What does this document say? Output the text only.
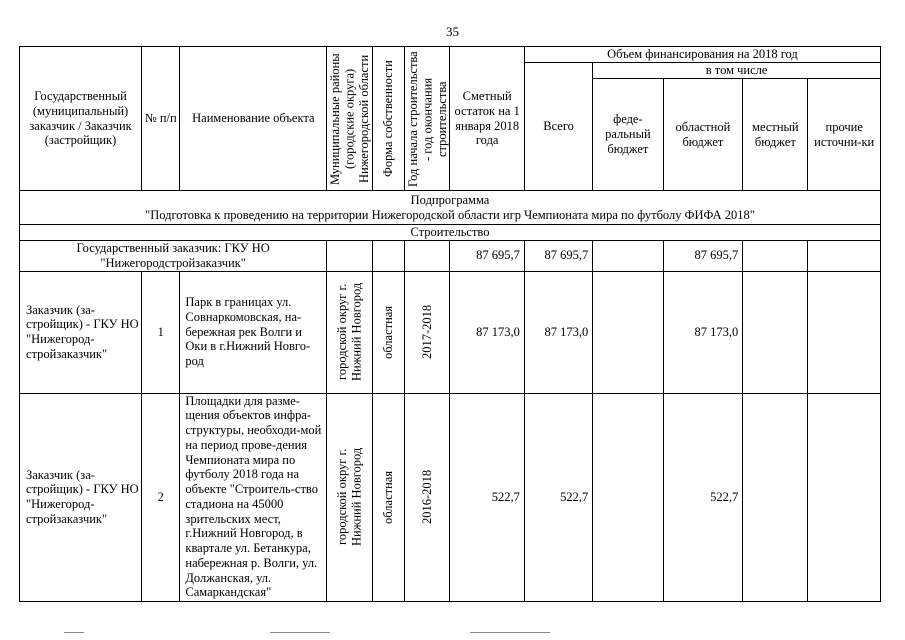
35
Государственный (муниципальный) заказчик / Заказчик (застройщик)	№ п/п	Наименование объекта	Муниципальные районы (городские округа) Нижегородской области	Форма собственности	Год начала строительства - год окончания строительства	Сметный остаток на 1 января 2018 года	Объем финансирования на 2018 год				
							Всего	в том числе			
								феде-ральный бюджет	областной бюджет	местный бюджет	прочие источни-ки

Подпрограмма
"Подготовка к проведению на территории Нижегородской области игр Чемпионата мира по футболу ФИФА 2018"											

Строительство											
Государственный заказчик: ГКУ НО "Нижегородстройзаказчик"						87 695,7	87 695,7		87 695,7		
Заказчик (за-стройщик) - ГКУ НО "Нижегород-стройзаказчик"	1	Парк в границах ул. Совнаркомовская, на-бережная рек Волги и Оки в г.Нижний Новго-род	городской округ г. Нижний Новгород	областная	2017-2018	87 173,0	87 173,0		87 173,0		
Заказчик (за-стройщик) - ГКУ НО "Нижегород-стройзаказчик"	2	Площадки для разме-щения объектов инфра-структуры, необходи-мой на период прове-дения Чемпионата мира по футболу 2018 года на объекте "Строитель-ство стадиона на 45000 зрительских мест, г.Нижний Новгород, в квартале ул. Бетанкура, набережная р. Волги, ул. Должанская, ул. Самаркандская"	городской округ г. Нижний Новгород	областная	2016-2018	522,7	522,7		522,7		
